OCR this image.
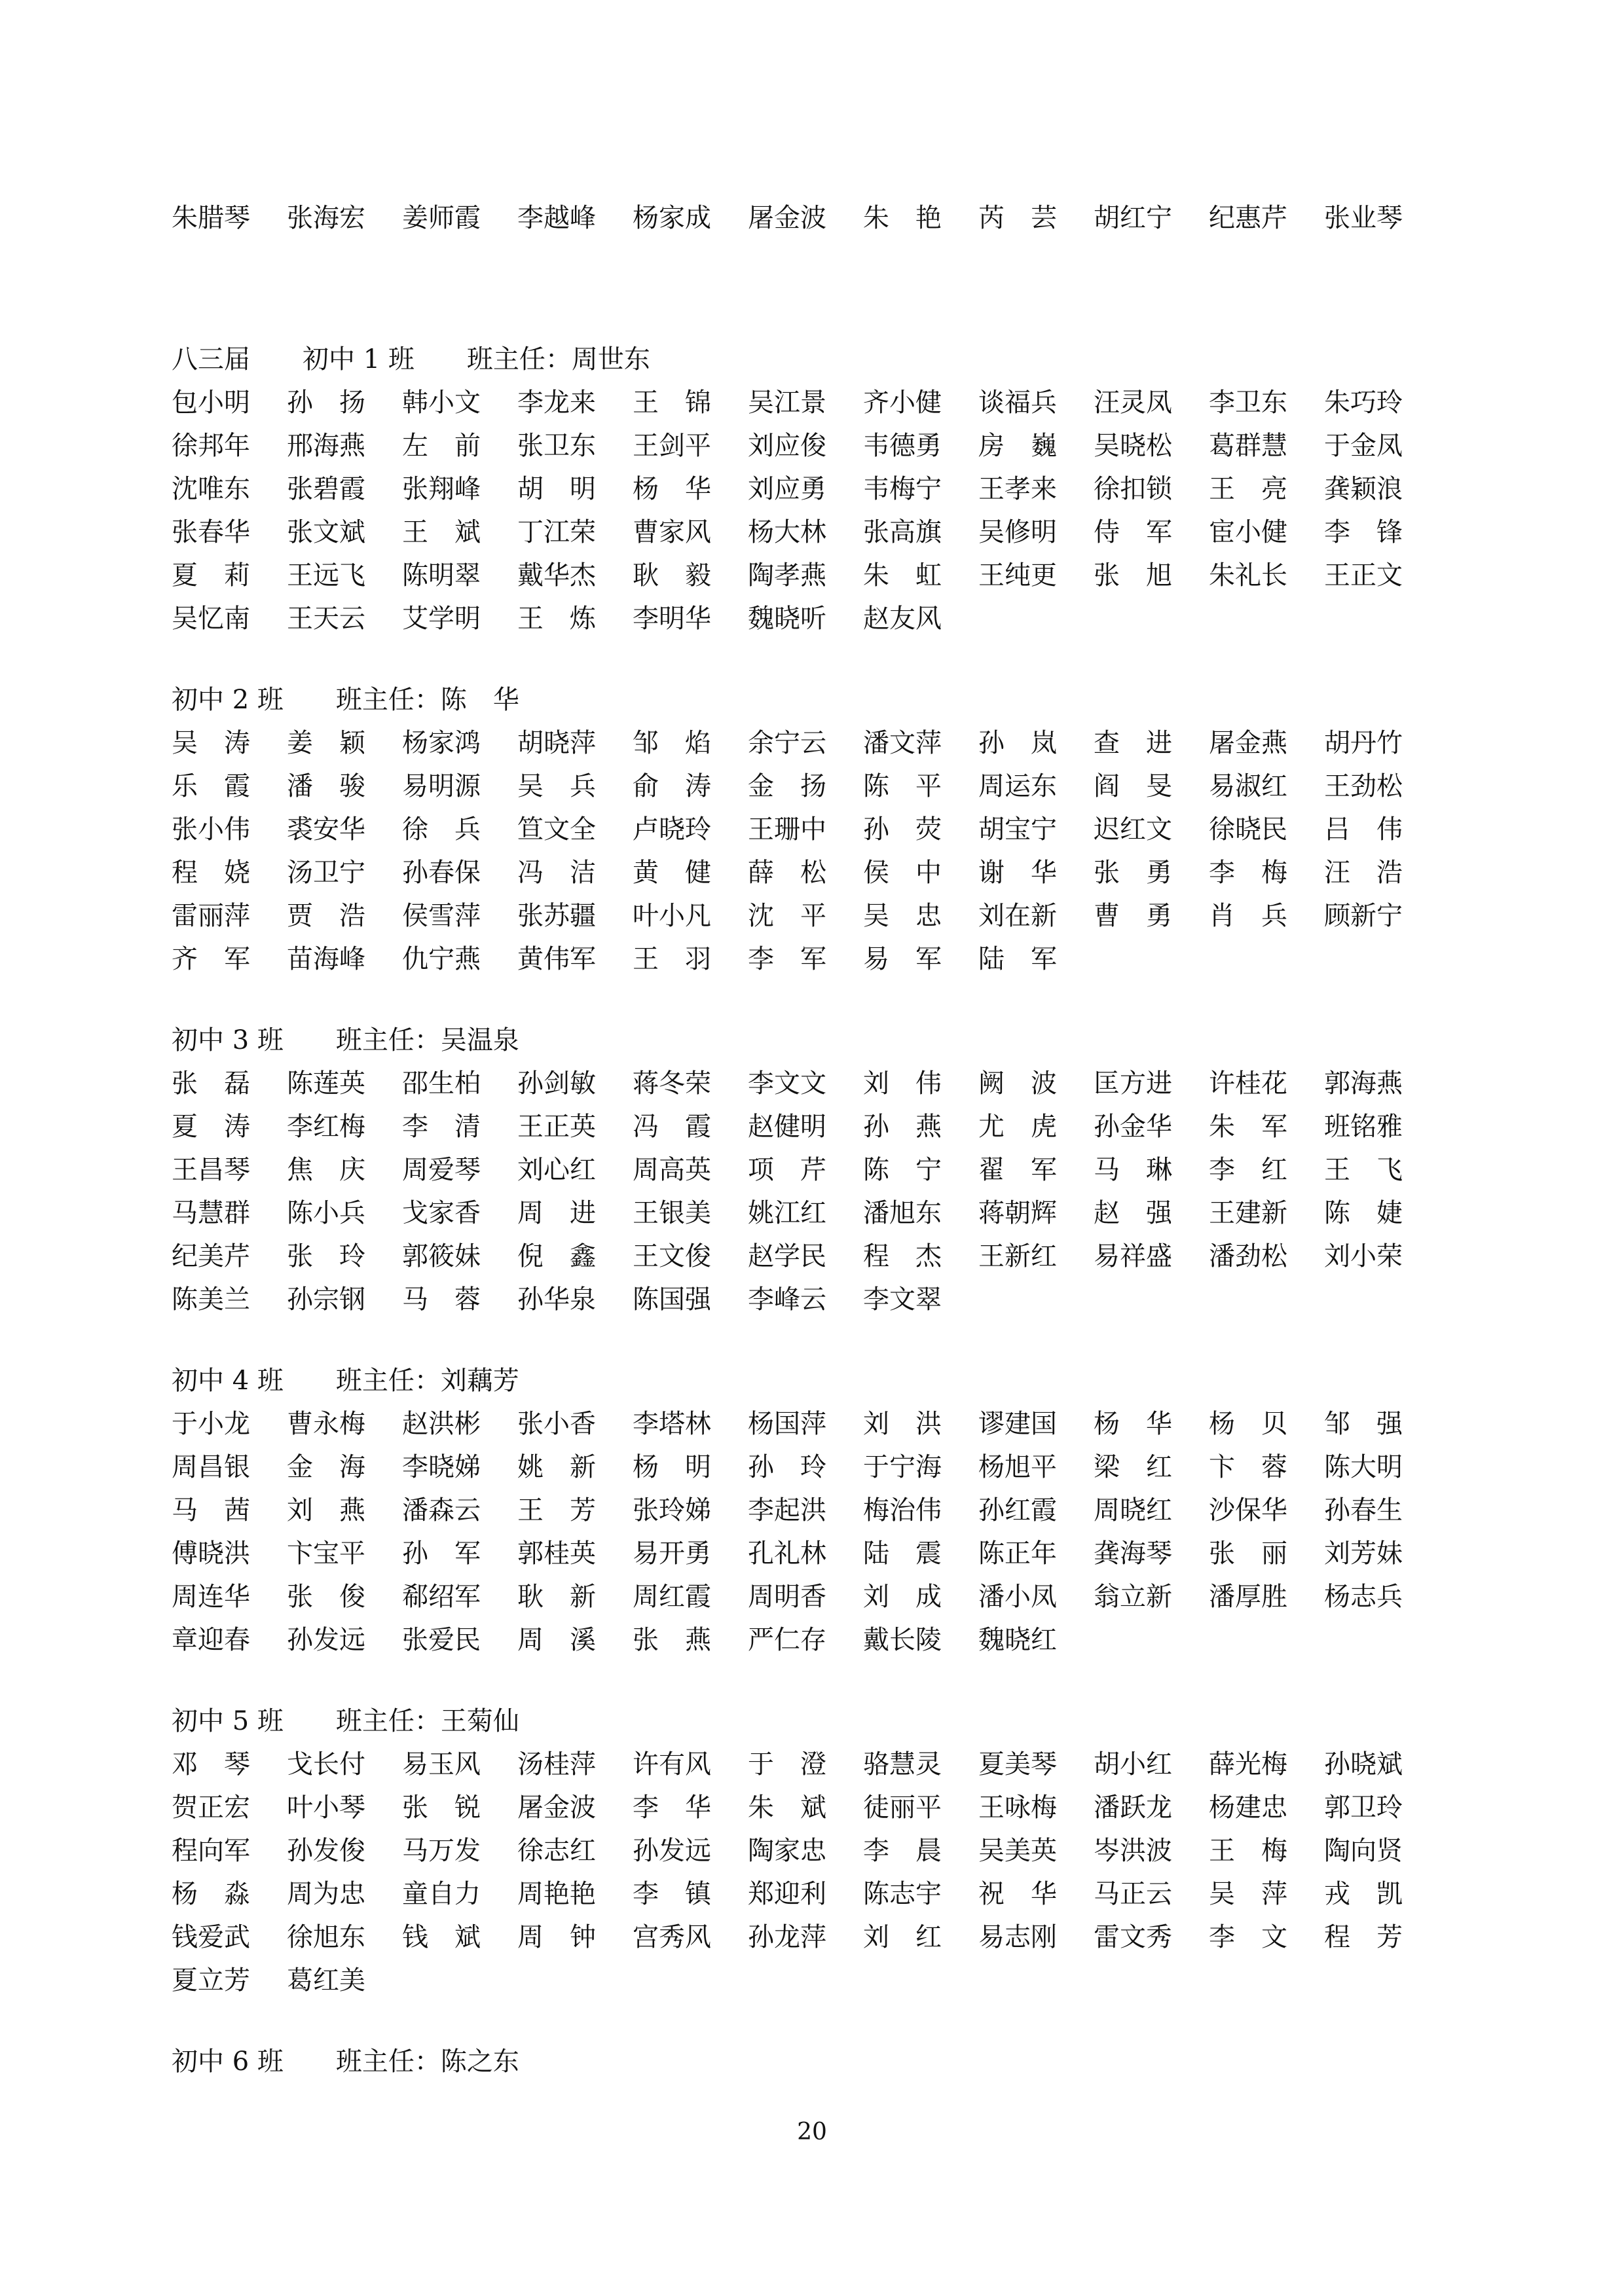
朱腊琴	张海宏	姜师霞	李越峰	杨家成	屠金波	朱　艳	芮　芸	胡红宁	纪惠芹	张业琴
八三届 初中 1 班 班主任：周世东
包小明	孙　扬	韩小文	李龙来	王　锦	吴江景	齐小健	谈福兵	汪灵凤	李卫东	朱巧玲
徐邦年	邢海燕	左　前	张卫东	王剑平	刘应俊	韦德勇	房　巍	吴晓松	葛群慧	于金凤
沈唯东	张碧霞	张翔峰	胡　明	杨　华	刘应勇	韦梅宁	王孝来	徐扣锁	王　亮	龚颖浪
张春华	张文斌	王　斌	丁江荣	曹家风	杨大林	张高旗	吴修明	侍　军	宦小健	李　锋
夏　莉	王远飞	陈明翠	戴华杰	耿　毅	陶孝燕	朱　虹	王纯更	张　旭	朱礼长	王正文
吴忆南	王天云	艾学明	王　炼	李明华	魏晓听	赵友风
初中 2 班 班主任：陈　华
吴　涛	姜　颖	杨家鸿	胡晓萍	邹　焰	余宁云	潘文萍	孙　岚	查　进	屠金燕	胡丹竹
乐　霞	潘　骏	易明源	吴　兵	俞　涛	金　扬	陈　平	周运东	阎　旻	易淑红	王劲松
张小伟	裘安华	徐　兵	笪文全	卢晓玲	王珊中	孙　荧	胡宝宁	迟红文	徐晓民	吕　伟
程　娆	汤卫宁	孙春保	冯　洁	黄　健	薛　松	侯　中	谢　华	张　勇	李　梅	汪　浩
雷丽萍	贾　浩	侯雪萍	张苏疆	叶小凡	沈　平	吴　忠	刘在新	曹　勇	肖　兵	顾新宁
齐　军	苗海峰	仇宁燕	黄伟军	王　羽	李　军	易　军	陆　军
初中 3 班 班主任：吴温泉
张　磊	陈莲英	邵生柏	孙剑敏	蒋冬荣	李文文	刘　伟	阙　波	匡方进	许桂花	郭海燕
夏　涛	李红梅	李　清	王正英	冯　霞	赵健明	孙　燕	尤　虎	孙金华	朱　军	班铭雅
王昌琴	焦　庆	周爱琴	刘心红	周高英	项　芹	陈　宁	翟　军	马　琳	李　红	王　飞
马慧群	陈小兵	戈家香	周　进	王银美	姚江红	潘旭东	蒋朝辉	赵　强	王建新	陈　婕
纪美芹	张　玲	郭筱妹	倪　鑫	王文俊	赵学民	程　杰	王新红	易祥盛	潘劲松	刘小荣
陈美兰	孙宗钢	马　蓉	孙华泉	陈国强	李峰云	李文翠
初中 4 班 班主任：刘藕芳
于小龙	曹永梅	赵洪彬	张小香	李塔林	杨国萍	刘　洪	谬建国	杨　华	杨　贝	邹　强
周昌银	金　海	李晓娣	姚　新	杨　明	孙　玲	于宁海	杨旭平	梁　红	卞　蓉	陈大明
马　茜	刘　燕	潘森云	王　芳	张玲娣	李起洪	梅治伟	孙红霞	周晓红	沙保华	孙春生
傅晓洪	卞宝平	孙　军	郭桂英	易开勇	孔礼林	陆　震	陈正年	龚海琴	张　丽	刘芳妹
周连华	张　俊	郗绍军	耿　新	周红霞	周明香	刘　成	潘小凤	翁立新	潘厚胜	杨志兵
章迎春	孙发远	张爱民	周　溪	张　燕	严仁存	戴长陵	魏晓红
初中 5 班 班主任：王菊仙
邓　琴	戈长付	易玉风	汤桂萍	许有风	于　澄	骆慧灵	夏美琴	胡小红	薛光梅	孙晓斌
贺正宏	叶小琴	张　锐	屠金波	李　华	朱　斌	徒丽平	王咏梅	潘跃龙	杨建忠	郭卫玲
程向军	孙发俊	马万发	徐志红	孙发远	陶家忠	李　晨	吴美英	岑洪波	王　梅	陶向贤
杨　淼	周为忠	童自力	周艳艳	李　镇	郑迎利	陈志宇	祝　华	马正云	吴　萍	戎　凯
钱爱武	徐旭东	钱　斌	周　钟	宫秀风	孙龙萍	刘　红	易志刚	雷文秀	李　文	程　芳
夏立芳	葛红美
初中 6 班 班主任：陈之东
20
